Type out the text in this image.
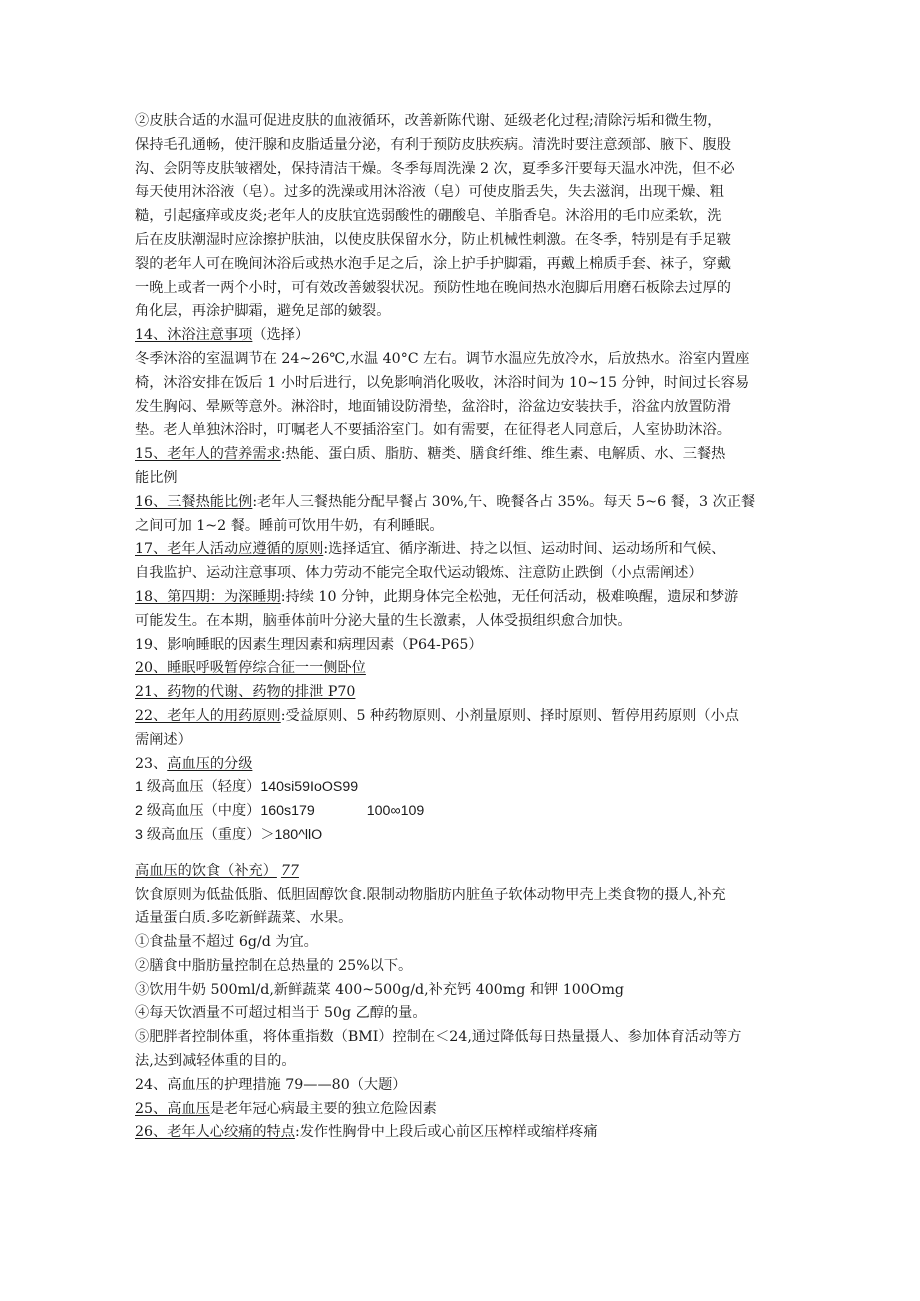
②皮肤合适的水温可促进皮肤的血液循环，改善新陈代谢、延级老化过程;清除污垢和微生物，
保持毛孔通畅，使汗腺和皮脂适量分泌，有利于预防皮肤疾病。清洗时要注意颈部、腋下、腹股
沟、会阴等皮肤皱褶处，保持清洁干燥。冬季每周洗澡 2 次，夏季多汗要每天温水冲洗，但不必
每天使用沐浴液（皂）。过多的洗澡或用沐浴液（皂）可使皮脂丢失，失去滋润，出现干燥、粗
糙，引起瘙痒或皮炎;老年人的皮肤宜选弱酸性的硼酸皂、羊脂香皂。沐浴用的毛巾应柔软，洗
后在皮肤潮湿时应涂擦护肤油，以使皮肤保留水分，防止机械性刺激。在冬季，特别是有手足皲
裂的老年人可在晚间沐浴后或热水泡手足之后，涂上护手护脚霜，再戴上棉质手套、袜子，穿戴
一晚上或者一两个小时，可有效改善皴裂状况。预防性地在晚间热水泡脚后用磨石板除去过厚的
角化层，再涂护脚霜，避免足部的皴裂。
14、沐浴注意事项（选择）
冬季沐浴的室温调节在 24~26℃,水温 40°C 左右。调节水温应先放冷水，后放热水。浴室内置座
椅，沐浴安排在饭后 1 小时后进行，以免影响消化吸收，沐浴时间为 10~15 分钟，时间过长容易
发生胸闷、晕厥等意外。淋浴时，地面铺设防滑垫，盆浴时，浴盆边安装扶手，浴盆内放置防滑
垫。老人单独沐浴时，叮嘱老人不要插浴室门。如有需要，在征得老人同意后，人室协助沐浴。
15、老年人的营养需求:热能、蛋白质、脂肪、糖类、膳食纤维、维生素、电解质、水、三餐热
能比例
16、三餐热能比例:老年人三餐热能分配早餐占 30%,午、晚餐各占 35%。每天 5~6 餐，3 次正餐
之间可加 1~2 餐。睡前可饮用牛奶，有利睡眠。
17、老年人活动应遵循的原则:选择适宜、循序渐进、持之以恒、运动时间、运动场所和气候、
自我监护、运动注意事项、体力劳动不能完全取代运动锻炼、注意防止跌倒（小点需阐述）
18、第四期：为深睡期:持续 10 分钟，此期身体完全松弛，无任何活动，极难唤醒，遗尿和梦游
可能发生。在本期，脑垂体前叶分泌大量的生长激素，人体受损组织愈合加快。
19、影响睡眠的因素生理因素和病理因素（P64-P65）
20、睡眠呼吸暂停综合征一一侧卧位
21、药物的代谢、药物的排泄 P70
22、老年人的用药原则:受益原则、5 种药物原则、小剂量原则、择时原则、暂停用药原则（小点
需阐述）
23、高血压的分级
1 级高血压（轻度）140si59IoOS99
2 级高血压（中度）160s179	100∞109
3 级高血压（重度）＞180^llO
高血压的饮食（补充） 77
饮食原则为低盐低脂、低胆固醇饮食.限制动物脂肪内脏鱼子软体动物甲壳上类食物的摄人,补充
适量蛋白质.多吃新鲜蔬菜、水果。
①食盐量不超过 6g∕d 为宜。
②膳食中脂肪量控制在总热量的 25%以下。
③饮用牛奶 500ml∕d,新鲜蔬菜 400~500g∕d,补充钙 400mg 和钾 100Omg
④每天饮酒量不可超过相当于 50g 乙醇的量。
⑤肥胖者控制体重，将体重指数（BMI）控制在＜24,通过降低每日热量摄人、参加体育活动等方
法,达到减轻体重的目的。
24、高血压的护理措施 79——80（大题）
25、高血压是老年冠心病最主要的独立危险因素
26、老年人心绞痛的特点:发作性胸骨中上段后或心前区压榨样或缩样疼痛
